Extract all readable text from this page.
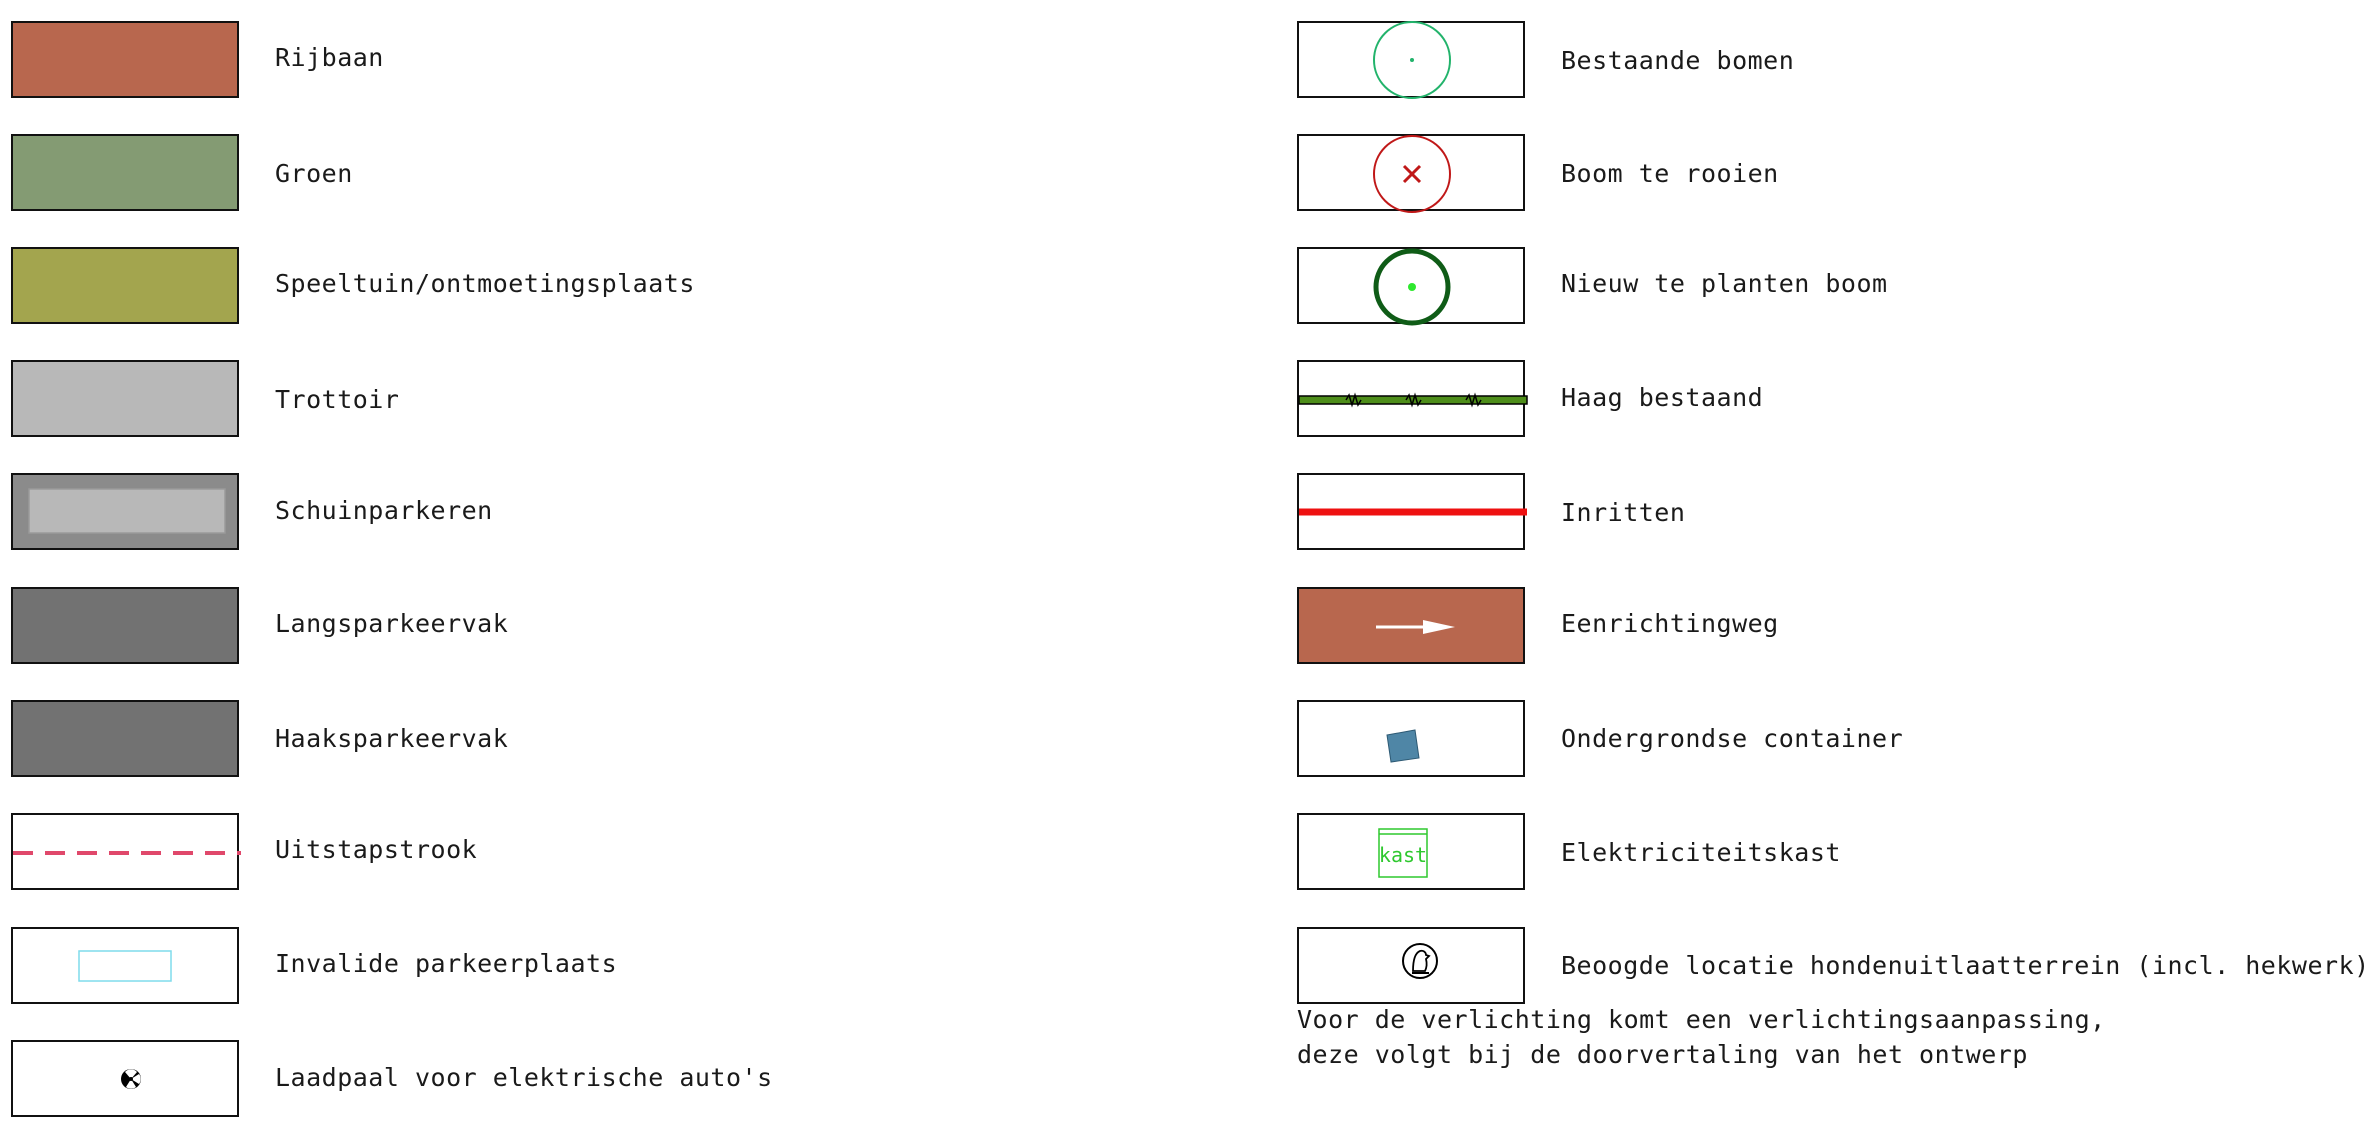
Rijbaan
Groen
Speeltuin/ontmoetingsplaats
Trottoir
Schuinparkeren
Langsparkeervak
Haaksparkeervak
Uitstapstrook
Invalide parkeerplaats
Laadpaal voor elektrische auto's
Bestaande bomen
Boom te rooien
Nieuw te planten boom
Haag bestaand
Inritten
Eenrichtingweg
Ondergrondse container
kast	Elektriciteitskast
Beoogde locatie hondenuitlaatterrein (incl. hekwerk)
Voor de verlichting komt een verlichtingsaanpassing,
deze volgt bij de doorvertaling van het ontwerp
